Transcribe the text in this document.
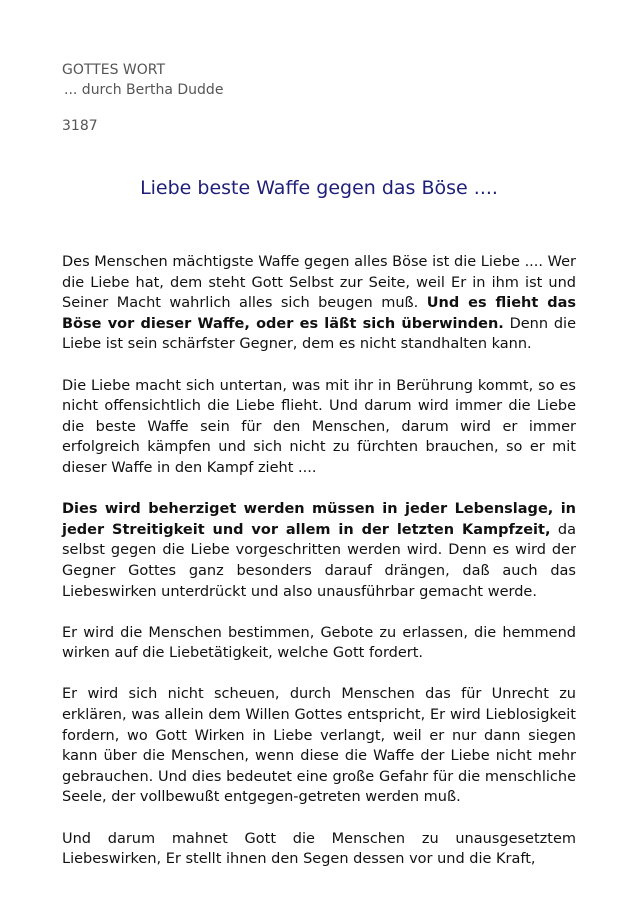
GOTTES WORT
... durch Bertha Dudde
3187
Liebe beste Waffe gegen das Böse ....

Des Menschen mächtigste Waffe gegen alles Böse ist die Liebe .... Wer die Liebe hat, dem steht Gott Selbst zur Seite, weil Er in ihm ist und Seiner Macht wahrlich alles sich beugen muß. Und es flieht das Böse vor dieser Waffe, oder es läßt sich überwinden. Denn die Liebe ist sein schärfster Gegner, dem es nicht standhalten kann.

Die Liebe macht sich untertan, was mit ihr in Berührung kommt, so es nicht offensichtlich die Liebe flieht. Und darum wird immer die Liebe die beste Waffe sein für den Menschen, darum wird er immer erfolgreich kämpfen und sich nicht zu fürchten brauchen, so er mit dieser Waffe in den Kampf zieht ....

Dies wird beherziget werden müssen in jeder Lebenslage, in jeder Streitigkeit und vor allem in der letzten Kampfzeit, da selbst gegen die Liebe vorgeschritten werden wird. Denn es wird der Gegner Gottes ganz besonders darauf drängen, daß auch das Liebeswirken unterdrückt und also unausführbar gemacht werde.

Er wird die Menschen bestimmen, Gebote zu erlassen, die hemmend wirken auf die Liebetätigkeit, welche Gott fordert.

Er wird sich nicht scheuen, durch Menschen das für Unrecht zu erklären, was allein dem Willen Gottes entspricht, Er wird Lieblosigkeit fordern, wo Gott Wirken in Liebe verlangt, weil er nur dann siegen kann über die Menschen, wenn diese die Waffe der Liebe nicht mehr gebrauchen. Und dies bedeutet eine große Gefahr für die menschliche Seele, der vollbewußt entgegen-getreten werden muß.

Und darum mahnet Gott die Menschen zu unausgesetztem Liebeswirken, Er stellt ihnen den Segen dessen vor und die Kraft,
